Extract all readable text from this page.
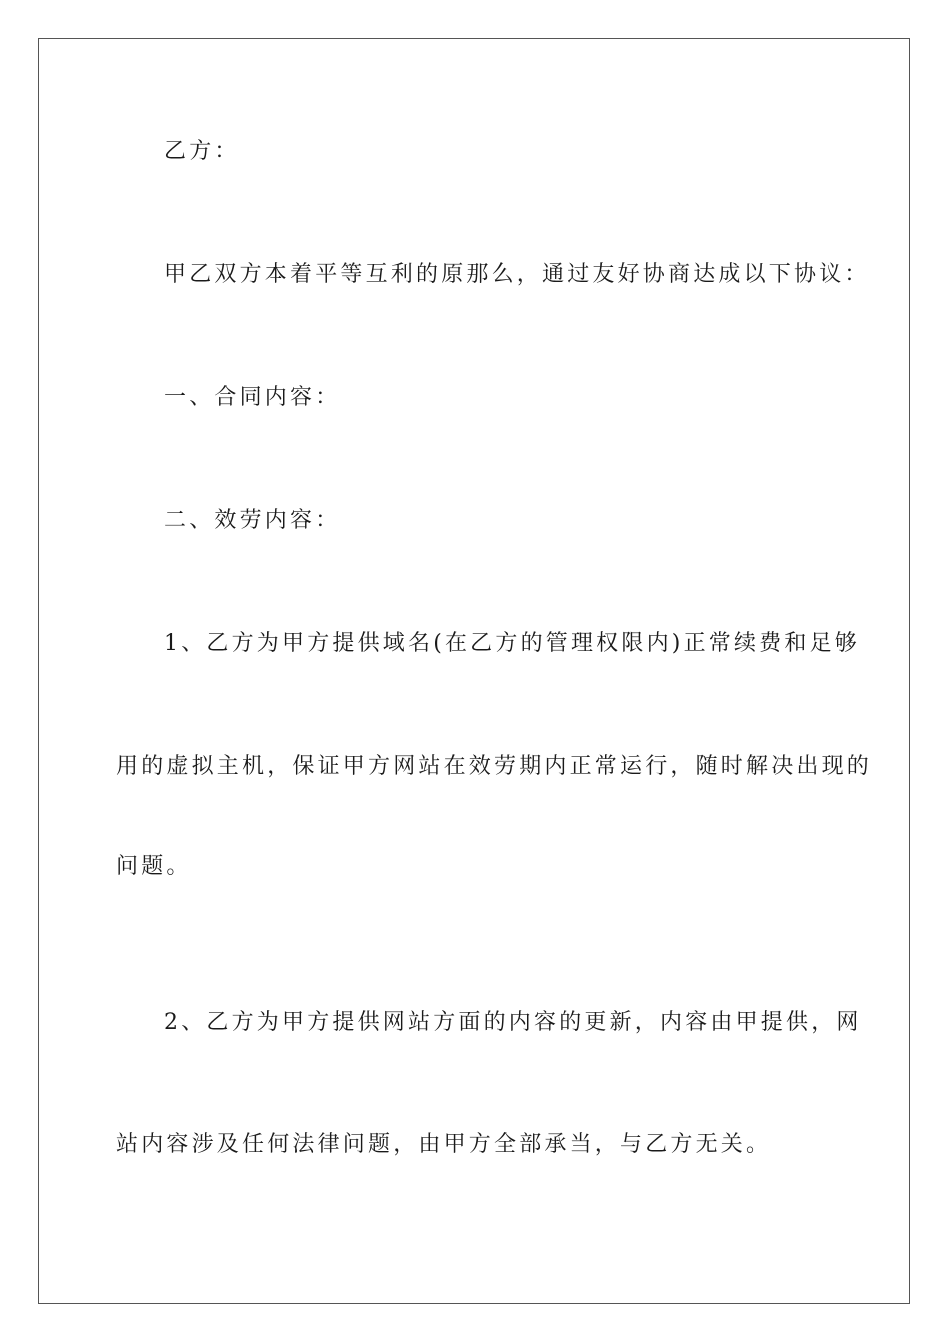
乙方：
甲乙双方本着平等互利的原那么，通过友好协商达成以下协议：
一、合同内容：
二、效劳内容：
1、乙方为甲方提供域名(在乙方的管理权限内)正常续费和足够
用的虚拟主机，保证甲方网站在效劳期内正常运行，随时解决出现的
问题。
2、乙方为甲方提供网站方面的内容的更新，内容由甲提供，网
站内容涉及任何法律问题，由甲方全部承当，与乙方无关。
